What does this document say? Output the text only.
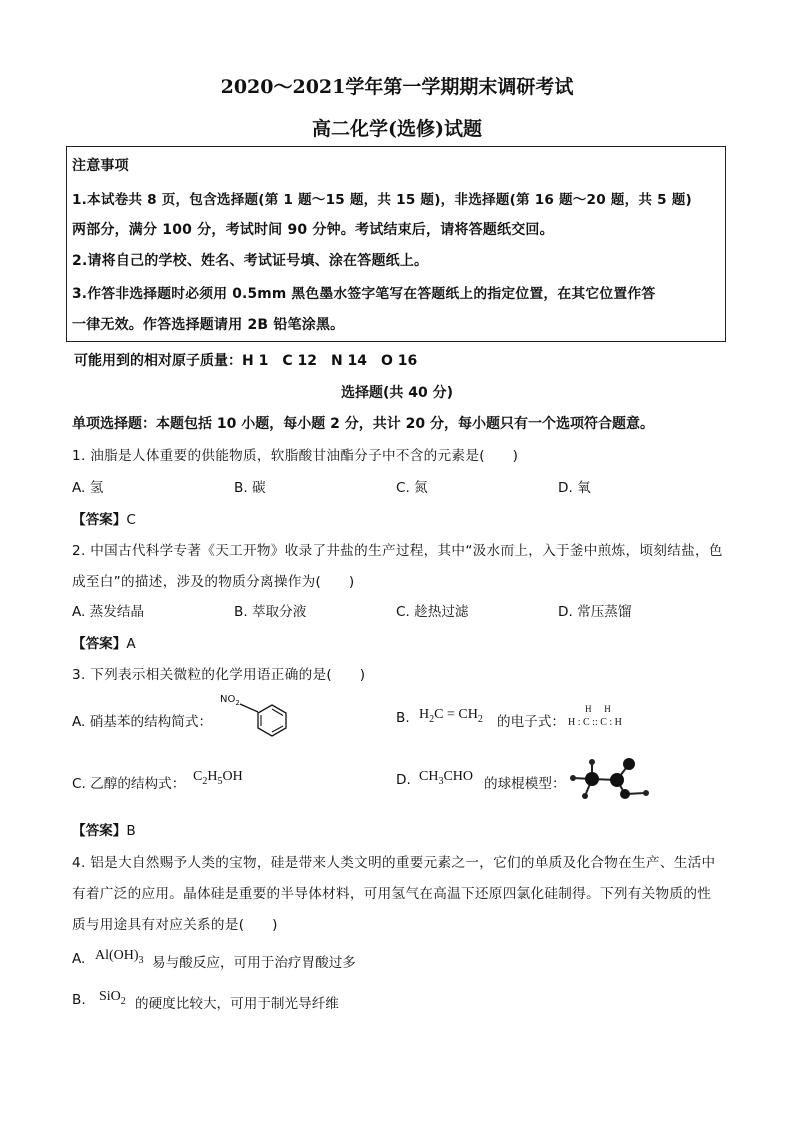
2020～2021学年第一学期期末调研考试
高二化学(选修)试题
注意事项
1.本试卷共 8 页，包含选择题(第 1 题～15 题，共 15 题)，非选择题(第 16 题～20 题，共 5 题)
两部分，满分 100 分，考试时间 90 分钟。考试结束后，请将答题纸交回。
2.请将自己的学校、姓名、考试证号填、涂在答题纸上。
3.作答非选择题时必须用 0.5mm 黑色墨水签字笔写在答题纸上的指定位置，在其它位置作答
一律无效。作答选择题请用 2B 铅笔涂黑。
可能用到的相对原子质量：H 1　C 12　N 14　O 16
选择题(共 40 分)
单项选择题：本题包括 10 小题，每小题 2 分，共计 20 分，每小题只有一个选项符合题意。
1. 油脂是人体重要的供能物质，软脂酸甘油酯分子中不含的元素是(　　)
A. 氢	B. 碳	C. 氮	D. 氧
【答案】C
2. 中国古代科学专著《天工开物》收录了井盐的生产过程，其中“汲水而上，入于釜中煎炼，顷刻结盐，色
成至白”的描述，涉及的物质分离操作为(　　)
A. 蒸发结晶	B. 萃取分液	C. 趁热过滤	D. 常压蒸馏
【答案】A
3. 下列表示相关微粒的化学用语正确的是(　　)
A. 硝基苯的结构简式：
$NO_2$
B. $H_2C = CH_2$ 的电子式：
H　 H
H : C :: C : H
C. 乙醇的结构式： $C_2H_5OH$	D. $CH_3CHO$ 的球棍模型：
【答案】B
4. 铝是大自然赐予人类的宝物，硅是带来人类文明的重要元素之一，它们的单质及化合物在生产、生活中
有着广泛的应用。晶体硅是重要的半导体材料，可用氢气在高温下还原四氯化硅制得。下列有关物质的性
质与用途具有对应关系的是(　　)
A. $Al(OH)_3$ 易与酸反应，可用于治疗胃酸过多
B. SiO$_2$ 的硬度比较大，可用于制光导纤维
